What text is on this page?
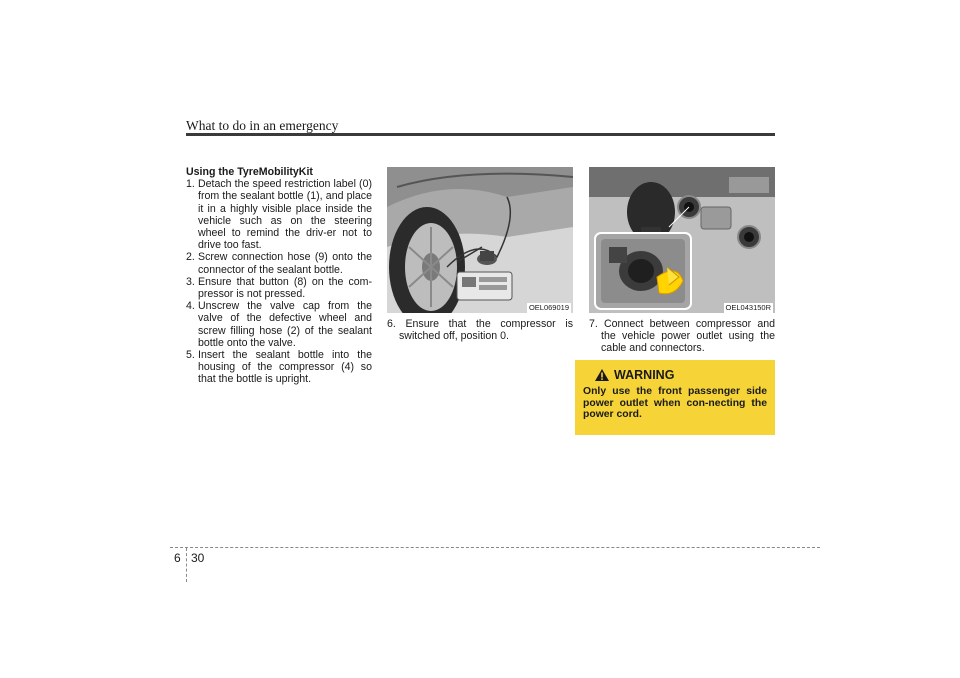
What to do in an emergency
Using the TyreMobilityKit

1. Detach the speed restriction label (0) from the sealant bottle (1), and place it in a highly visible place inside the vehicle such as on the steering wheel to remind the driv-er not to drive too fast.

2. Screw connection hose (9) onto the connector of the sealant bottle.

3. Ensure that button (8) on the com-pressor is not pressed.

4. Unscrew the valve cap from the valve of the defective wheel and screw filling hose (2) of the sealant bottle onto the valve.

5. Insert the sealant bottle into the housing of the compressor (4) so that the bottle is upright.

OEL069019	OEL043150R

6. Ensure that the compressor is switched off, position 0.

7. Connect between compressor and the vehicle power outlet using the cable and connectors.

WARNING
Only use the front passenger side power outlet when con-necting the power cord.
6 30
